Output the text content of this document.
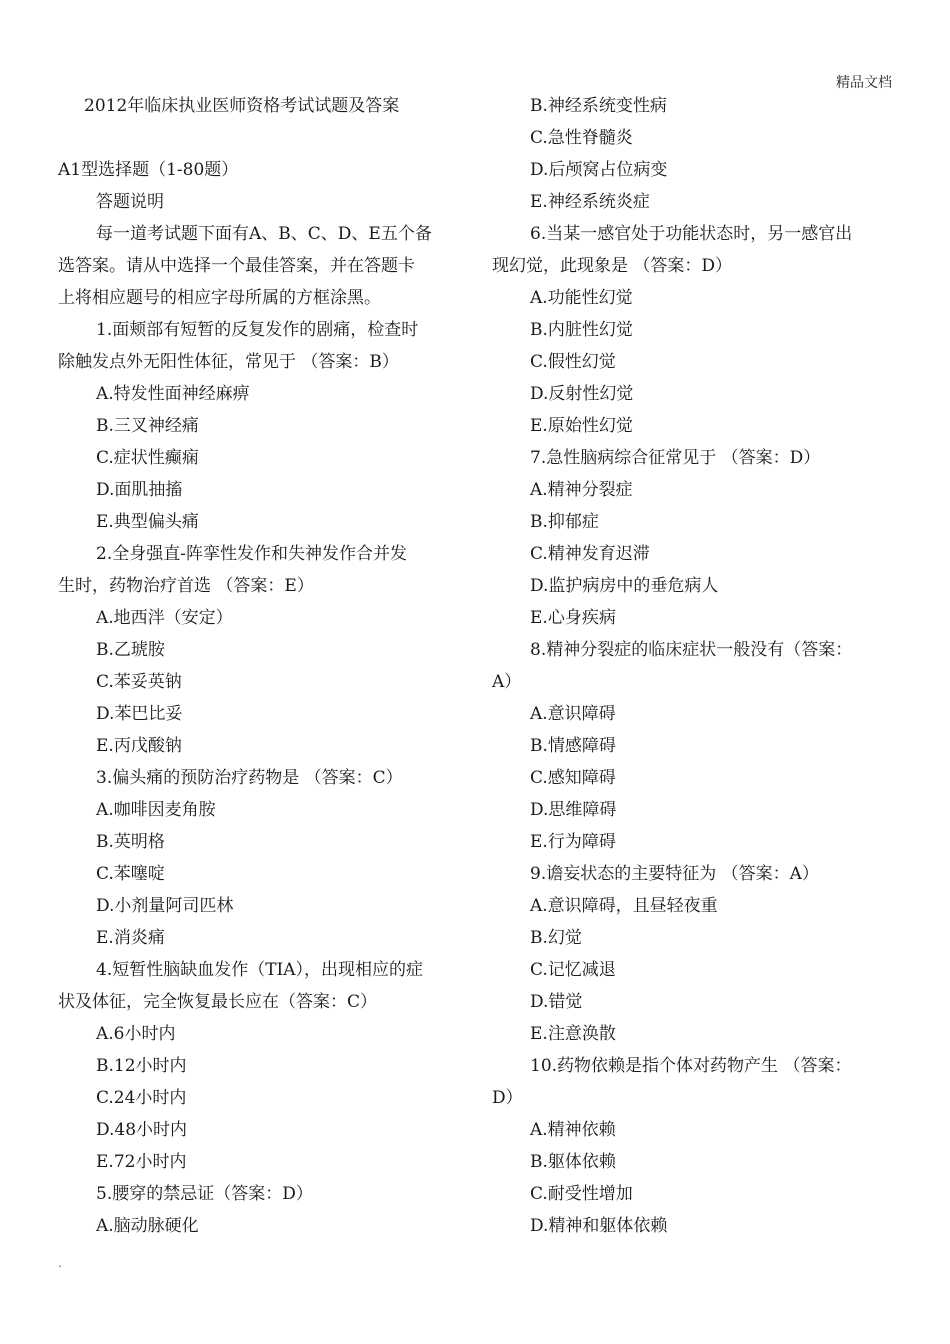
精品文档

2012年临床执业医师资格考试试题及答案

A1型选择题（1-80题）

答题说明

每一道考试题下面有A、B、C、D、E五个备

选答案。请从中选择一个最佳答案，并在答题卡

上将相应题号的相应字母所属的方框涂黑。

1.面颊部有短暂的反复发作的剧痛，检查时

除触发点外无阳性体征，常见于 （答案：B）

A.特发性面神经麻痹

B.三叉神经痛

C.症状性癫痫

D.面肌抽搐

E.典型偏头痛

2.全身强直-阵挛性发作和失神发作合并发

生时，药物治疗首选 （答案：E）

A.地西泮（安定）

B.乙琥胺

C.苯妥英钠

D.苯巴比妥

E.丙戊酸钠

3.偏头痛的预防治疗药物是 （答案：C）

A.咖啡因麦角胺

B.英明格

C.苯噻啶

D.小剂量阿司匹林

E.消炎痛

4.短暂性脑缺血发作（TIA），出现相应的症

状及体征，完全恢复最长应在（答案：C）

A.6小时内

B.12小时内

C.24小时内

D.48小时内

E.72小时内

5.腰穿的禁忌证（答案：D）

A.脑动脉硬化

B.神经系统变性病

C.急性脊髓炎

D.后颅窝占位病变

E.神经系统炎症

6.当某一感官处于功能状态时，另一感官出

现幻觉，此现象是 （答案：D）

A.功能性幻觉

B.内脏性幻觉

C.假性幻觉

D.反射性幻觉

E.原始性幻觉

7.急性脑病综合征常见于 （答案：D）

A.精神分裂症

B.抑郁症

C.精神发育迟滞

D.监护病房中的垂危病人

E.心身疾病

8.精神分裂症的临床症状一般没有（答案：

A）

A.意识障碍

B.情感障碍

C.感知障碍

D.思维障碍

E.行为障碍

9.谵妄状态的主要特征为 （答案：A）

A.意识障碍，且昼轻夜重

B.幻觉

C.记忆减退

D.错觉

E.注意涣散

10.药物依赖是指个体对药物产生 （答案：

D）

A.精神依赖

B.躯体依赖

C.耐受性增加

D.精神和躯体依赖

.
